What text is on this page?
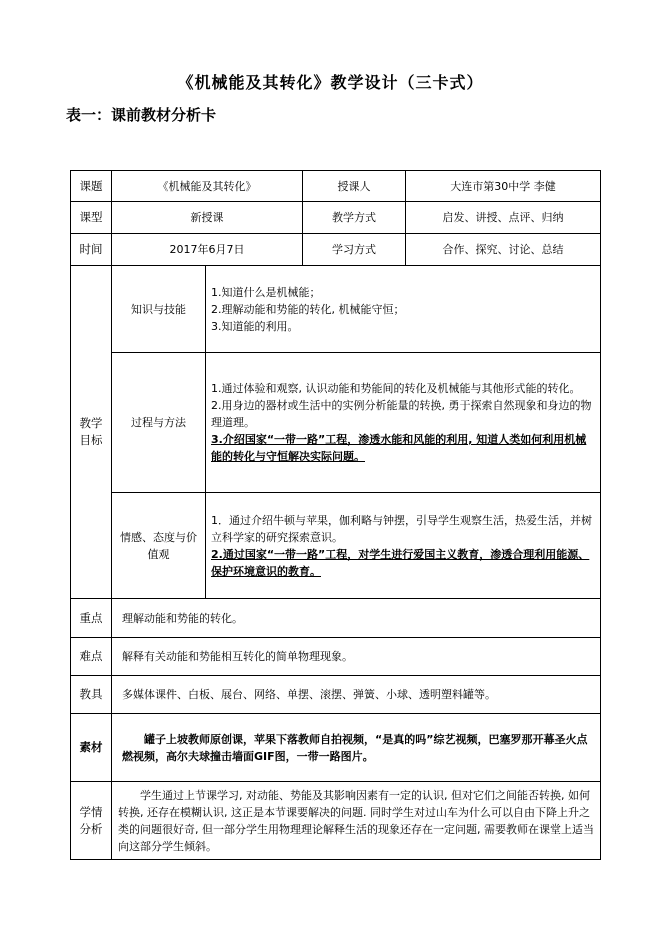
《机械能及其转化》教学设计（三卡式）
表一：课前教材分析卡
课题	《机械能及其转化》		授课人	大连市第30中学 李健
课型	新授课		教学方式	启发、讲授、点评、归纳
时间	2017年6月7日		学习方式	合作、探究、讨论、总结
教学目标	知识与技能	1.知道什么是机械能；

2.理解动能和势能的转化, 机械能守恒；

3.知道能的利用。		

	过程与方法	1.通过体验和观察, 认识动能和势能间的转化及机械能与其他形式能的转化。

2.用身边的器材或生活中的实例分析能量的转换, 勇于探索自然现象和身边的物理道理。

3.介绍国家“一带一路”工程，渗透水能和风能的利用, 知道人类如何利用机械能的转化与守恒解决实际问题。		

	情感、态度与价值观	1．通过介绍牛顿与苹果，伽利略与钟摆，引导学生观察生活，热爱生活，并树立科学家的研究探索意识。

2.通过国家“一带一路”工程，对学生进行爱国主义教育，渗透合理利用能源、保护环境意识的教育。		

重点	理解动能和势能的转化。			
难点	解释有关动能和势能相互转化的简单物理现象。			
教具	多媒体课件、白板、展台、网络、单摆、滚摆、弹簧、小球、透明塑料罐等。			
素材	罐子上坡教师原创课，苹果下落教师自拍视频，“是真的吗”综艺视频，巴塞罗那开幕圣火点燃视频，高尔夫球撞击墙面GIF图，一带一路图片。			
学情分析	学生通过上节课学习, 对动能、势能及其影响因素有一定的认识, 但对它们之间能否转换, 如何转换, 还存在模糊认识, 这正是本节课要解决的问题. 同时学生对过山车为什么可以自由下降上升之类的问题很好奇, 但一部分学生用物理理论解释生活的现象还存在一定问题, 需要教师在课堂上适当向这部分学生倾斜。			
